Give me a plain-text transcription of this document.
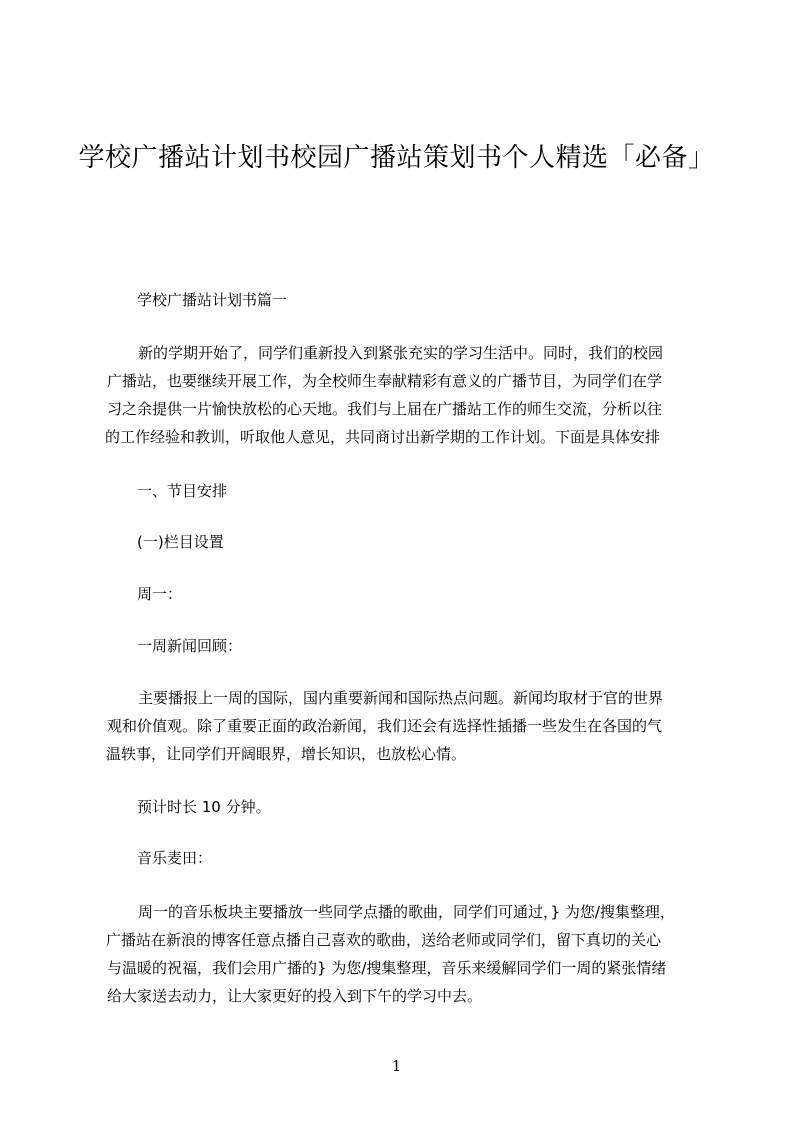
学校广播站计划书校园广播站策划书个人精选「必备」

学校广播站计划书篇一

新的学期开始了，同学们重新投入到紧张充实的学习生活中。同时，我们的校园
广播站，也要继续开展工作，为全校师生奉献精彩有意义的广播节目，为同学们在学
习之余提供一片愉快放松的心天地。我们与上届在广播站工作的师生交流，分析以往
的工作经验和教训，听取他人意见，共同商讨出新学期的工作计划。下面是具体安排

一、节目安排

(一)栏目设置

周一：

一周新闻回顾：

主要播报上一周的国际，国内重要新闻和国际热点问题。新闻均取材于官的世界
观和价值观。除了重要正面的政治新闻，我们还会有选择性插播一些发生在各国的气
温轶事，让同学们开阔眼界，增长知识，也放松心情。

预计时长 10 分钟。

音乐麦田：

周一的音乐板块主要播放一些同学点播的歌曲，同学们可通过，} 为您/搜集整理，
广播站在新浪的博客任意点播自己喜欢的歌曲，送给老师或同学们，留下真切的关心
与温暖的祝福，我们会用广播的} 为您/搜集整理，音乐来缓解同学们一周的紧张情绪
给大家送去动力，让大家更好的投入到下午的学习中去。
1
